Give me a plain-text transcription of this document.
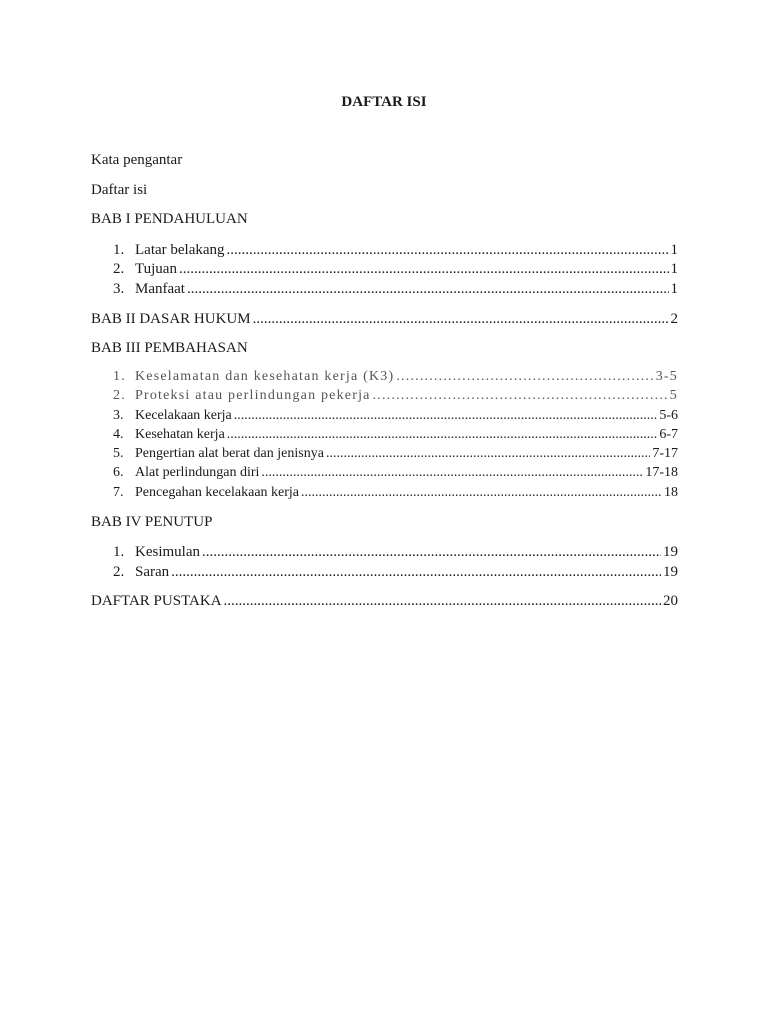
DAFTAR ISI
Kata pengantar
Daftar isi
BAB I PENDAHULUAN
1. Latar belakang .....	1
2. Tujuan .....	1
3. Manfaat .....	1
BAB II DASAR HUKUM .....	2
BAB III PEMBAHASAN
1. Keselamatan dan kesehatan kerja (K3) .....	3-5
2. Proteksi atau perlindungan pekerja .....	5
3. Kecelakaan kerja .....	5-6
4. Kesehatan kerja .....	6-7
5. Pengertian alat berat dan jenisnya .....	7-17
6. Alat perlindungan diri .....	17-18
7. Pencegahan kecelakaan kerja .....	18
BAB IV PENUTUP
1. Kesimulan .....	19
2. Saran .....	19
DAFTAR PUSTAKA .....	20
